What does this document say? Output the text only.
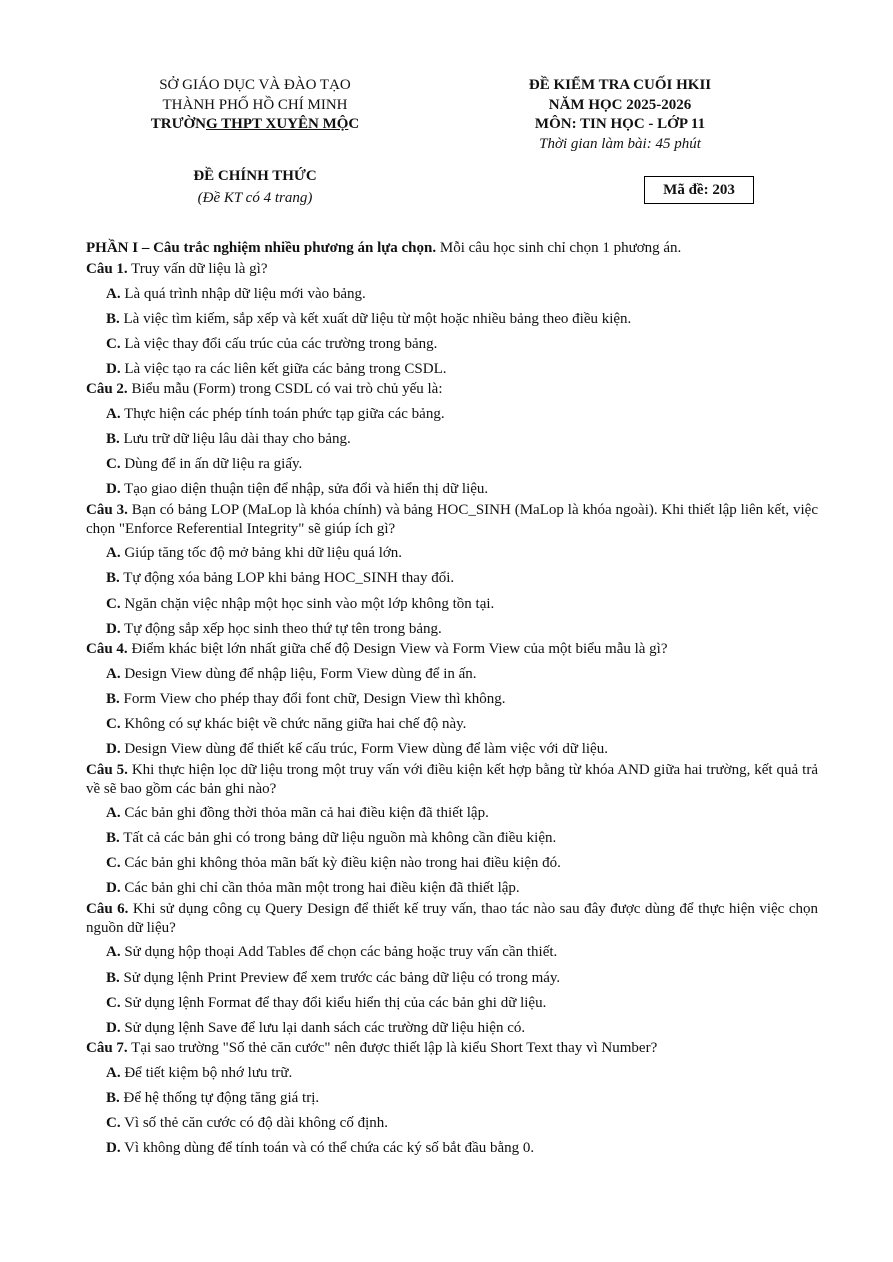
SỞ GIÁO DỤC VÀ ĐÀO TẠO
THÀNH PHỐ HỒ CHÍ MINH
TRƯỜNG THPT XUYÊN MỘC
ĐỀ KIỂM TRA CUỐI HKII
NĂM HỌC 2025-2026
MÔN: TIN HỌC - LỚP 11
Thời gian làm bài: 45 phút
ĐỀ CHÍNH THỨC
(Đề KT có 4 trang)	Mã đề: 203
PHẦN I – Câu trắc nghiệm nhiều phương án lựa chọn. Mỗi câu học sinh chỉ chọn 1 phương án.
Câu 1. Truy vấn dữ liệu là gì?
A. Là quá trình nhập dữ liệu mới vào bảng.
B. Là việc tìm kiếm, sắp xếp và kết xuất dữ liệu từ một hoặc nhiều bảng theo điều kiện.
C. Là việc thay đổi cấu trúc của các trường trong bảng.
D. Là việc tạo ra các liên kết giữa các bảng trong CSDL.
Câu 2. Biểu mẫu (Form) trong CSDL có vai trò chủ yếu là:
A. Thực hiện các phép tính toán phức tạp giữa các bảng.
B. Lưu trữ dữ liệu lâu dài thay cho bảng.
C. Dùng để in ấn dữ liệu ra giấy.
D. Tạo giao diện thuận tiện để nhập, sửa đổi và hiển thị dữ liệu.
Câu 3. Bạn có bảng LOP (MaLop là khóa chính) và bảng HOC_SINH (MaLop là khóa ngoài). Khi thiết lập liên kết, việc chọn "Enforce Referential Integrity" sẽ giúp ích gì?
A. Giúp tăng tốc độ mở bảng khi dữ liệu quá lớn.
B. Tự động xóa bảng LOP khi bảng HOC_SINH thay đổi.
C. Ngăn chặn việc nhập một học sinh vào một lớp không tồn tại.
D. Tự động sắp xếp học sinh theo thứ tự tên trong bảng.
Câu 4. Điểm khác biệt lớn nhất giữa chế độ Design View và Form View của một biểu mẫu là gì?
A. Design View dùng để nhập liệu, Form View dùng để in ấn.
B. Form View cho phép thay đổi font chữ, Design View thì không.
C. Không có sự khác biệt về chức năng giữa hai chế độ này.
D. Design View dùng để thiết kế cấu trúc, Form View dùng để làm việc với dữ liệu.
Câu 5. Khi thực hiện lọc dữ liệu trong một truy vấn với điều kiện kết hợp bằng từ khóa AND giữa hai trường, kết quả trả về sẽ bao gồm các bản ghi nào?
A. Các bản ghi đồng thời thỏa mãn cả hai điều kiện đã thiết lập.
B. Tất cả các bản ghi có trong bảng dữ liệu nguồn mà không cần điều kiện.
C. Các bản ghi không thỏa mãn bất kỳ điều kiện nào trong hai điều kiện đó.
D. Các bản ghi chỉ cần thỏa mãn một trong hai điều kiện đã thiết lập.
Câu 6. Khi sử dụng công cụ Query Design để thiết kế truy vấn, thao tác nào sau đây được dùng để thực hiện việc chọn nguồn dữ liệu?
A. Sử dụng hộp thoại Add Tables để chọn các bảng hoặc truy vấn cần thiết.
B. Sử dụng lệnh Print Preview để xem trước các bảng dữ liệu có trong máy.
C. Sử dụng lệnh Format để thay đổi kiểu hiển thị của các bản ghi dữ liệu.
D. Sử dụng lệnh Save để lưu lại danh sách các trường dữ liệu hiện có.
Câu 7. Tại sao trường "Số thẻ căn cước" nên được thiết lập là kiểu Short Text thay vì Number?
A. Để tiết kiệm bộ nhớ lưu trữ.
B. Để hệ thống tự động tăng giá trị.
C. Vì số thẻ căn cước có độ dài không cố định.
D. Vì không dùng để tính toán và có thể chứa các ký số bắt đầu bằng 0.
